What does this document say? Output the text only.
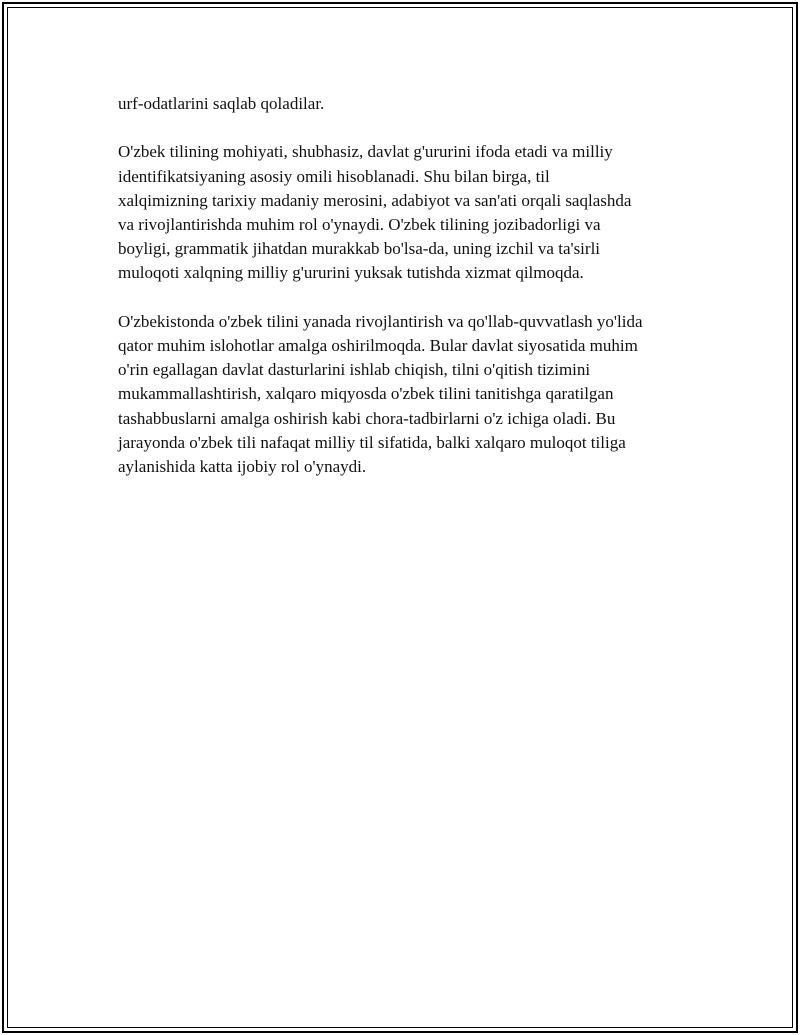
urf-odatlarini saqlab qoladilar.

O'zbek tilining mohiyati, shubhasiz, davlat g'ururini ifoda etadi va milliy
identifikatsiyaning asosiy omili hisoblanadi. Shu bilan birga, til
xalqimizning tarixiy madaniy merosini, adabiyot va san'ati orqali saqlashda
va rivojlantirishda muhim rol o'ynaydi. O'zbek tilining jozibadorligi va
boyligi, grammatik jihatdan murakkab bo'lsa-da, uning izchil va ta'sirli
muloqoti xalqning milliy g'ururini yuksak tutishda xizmat qilmoqda.

O'zbekistonda o'zbek tilini yanada rivojlantirish va qo'llab-quvvatlash yo'lida
qator muhim islohotlar amalga oshirilmoqda. Bular davlat siyosatida muhim
o'rin egallagan davlat dasturlarini ishlab chiqish, tilni o'qitish tizimini
mukammallashtirish, xalqaro miqyosda o'zbek tilini tanitishga qaratilgan
tashabbuslarni amalga oshirish kabi chora-tadbirlarni o'z ichiga oladi. Bu
jarayonda o'zbek tili nafaqat milliy til sifatida, balki xalqaro muloqot tiliga
aylanishida katta ijobiy rol o'ynaydi.
